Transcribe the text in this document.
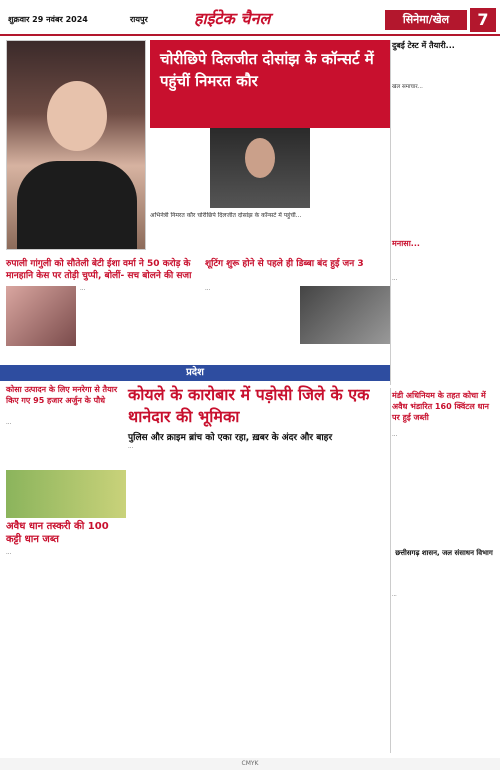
शुक्रवार 29 नवंबर 2024	रायपुर	हाईटेक चैनल	सिनेमा/खेल	7
चोरीछिपे दिलजीत दोसांझ के कॉन्सर्ट में पहुंचीं निमरत कौर
अभिनेत्री निमरत कौर चोरीछिपे दिलजीत दोसांझ के कॉन्सर्ट में पहुंचीं...
दुबई टेस्ट में तैयारी...
खेल समाचार...
मनासा...
...
रुपाली गांगुली को सौतेली बेटी ईशा वर्मा ने 50 करोड़ के मानहानि केस पर तोड़ी चुप्पी, बोलीं- सच बोलने की सजा
...
शूटिंग शुरू होने से पहले ही डिब्बा बंद हुई जन 3
...
प्रदेश
कोसा उत्पादन के लिए मनरेगा से तैयार किए गए 95 हजार अर्जुन के पौधे
...
अवैध धान तस्करी की 100 कट्टी धान जब्त
...
कोयले के कारोबार में पड़ोसी जिले के एक थानेदार की भूमिका
पुलिस और क्राइम ब्रांच को एका रहा, ख़बर के अंदर और बाहर
...
मंडी अधिनियम के तहत कोचा में अवैध भंडारित 160 क्विंटल धान पर हुई जब्ती
...
छत्तीसगढ़ शासन, जल संसाधन विभाग
...
CMYK
